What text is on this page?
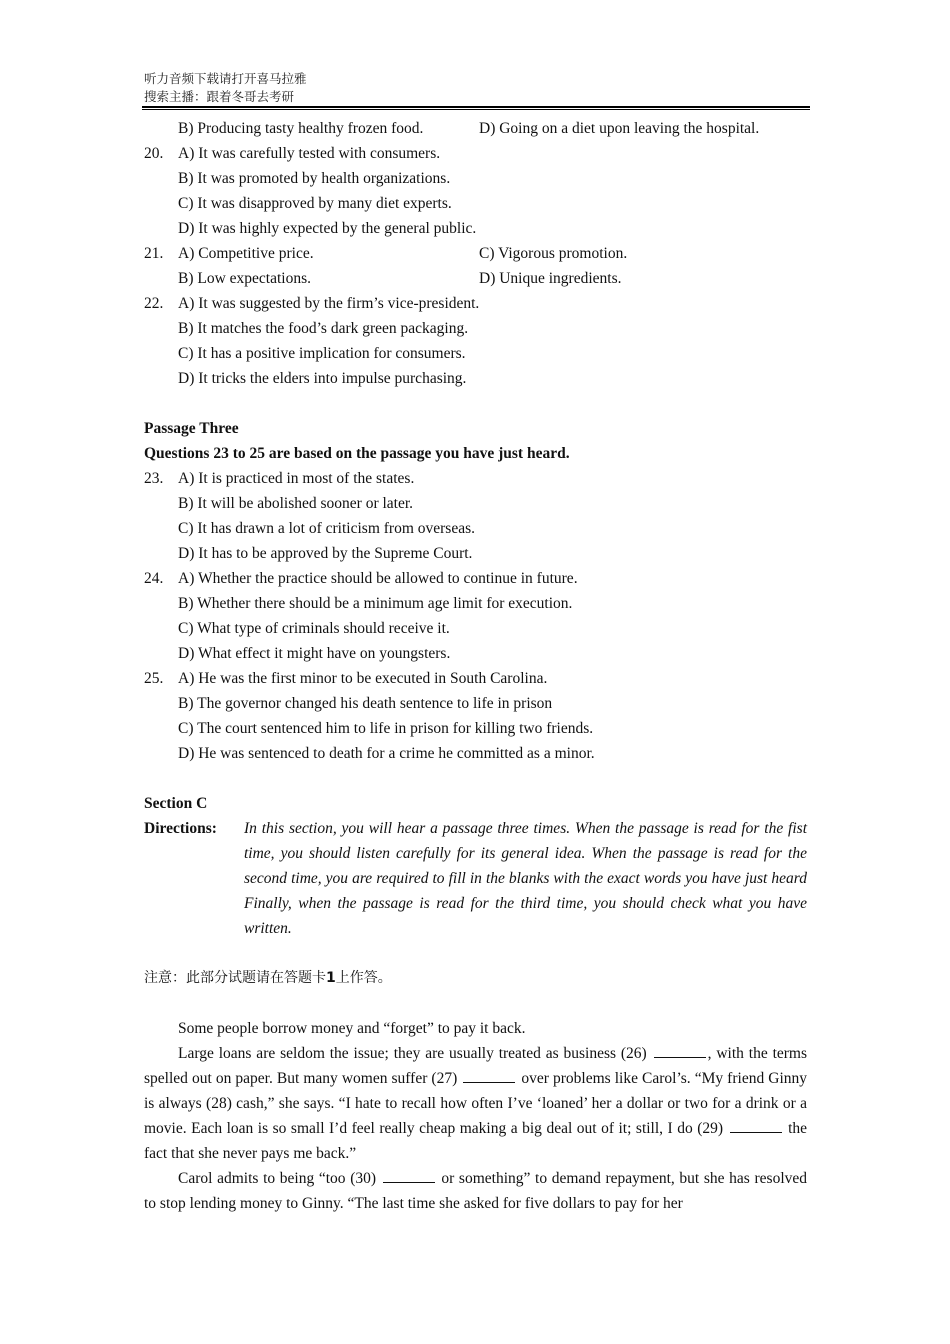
听力音频下载请打开喜马拉雅
搜索主播：跟着冬哥去考研
B) Producing tasty healthy frozen food.	D) Going on a diet upon leaving the hospital.
20. A) It was carefully tested with consumers.
B) It was promoted by health organizations.
C) It was disapproved by many diet experts.
D) It was highly expected by the general public.
21. A) Competitive price.	C) Vigorous promotion.
B) Low expectations.	D) Unique ingredients.
22. A) It was suggested by the firm’s vice-president.
B) It matches the food’s dark green packaging.
C) It has a positive implication for consumers.
D) It tricks the elders into impulse purchasing.
Passage Three
Questions 23 to 25 are based on the passage you have just heard.
23. A) It is practiced in most of the states.
B) It will be abolished sooner or later.
C) It has drawn a lot of criticism from overseas.
D) It has to be approved by the Supreme Court.
24. A) Whether the practice should be allowed to continue in future.
B) Whether there should be a minimum age limit for execution.
C) What type of criminals should receive it.
D) What effect it might have on youngsters.
25. A) He was the first minor to be executed in South Carolina.
B) The governor changed his death sentence to life in prison
C) The court sentenced him to life in prison for killing two friends.
D) He was sentenced to death for a crime he committed as a minor.
Section C
Directions:	In this section, you will hear a passage three times. When the passage is read for the fist time, you should listen carefully for its general idea. When the passage is read for the second time, you are required to fill in the blanks with the exact words you have just heard Finally, when the passage is read for the third time, you should check what you have written.
注意：此部分试题请在答题卡1上作答。

Some people borrow money and “forget” to pay it back.

Large loans are seldom the issue; they are usually treated as business (26)	, with the terms spelled out on paper. But many women suffer (27)	over problems like Carol’s. “My friend Ginny is always (28) cash,” she says. “I hate to recall how often I’ve ‘loaned’ her a dollar or two for a drink or a movie. Each loan is so small I’d feel really cheap making a big deal out of it; still, I do (29)	the fact that she never pays me back.”

Carol admits to being “too (30)	or something” to demand repayment, but she has resolved to stop lending money to Ginny. “The last time she asked for five dollars to pay for her
